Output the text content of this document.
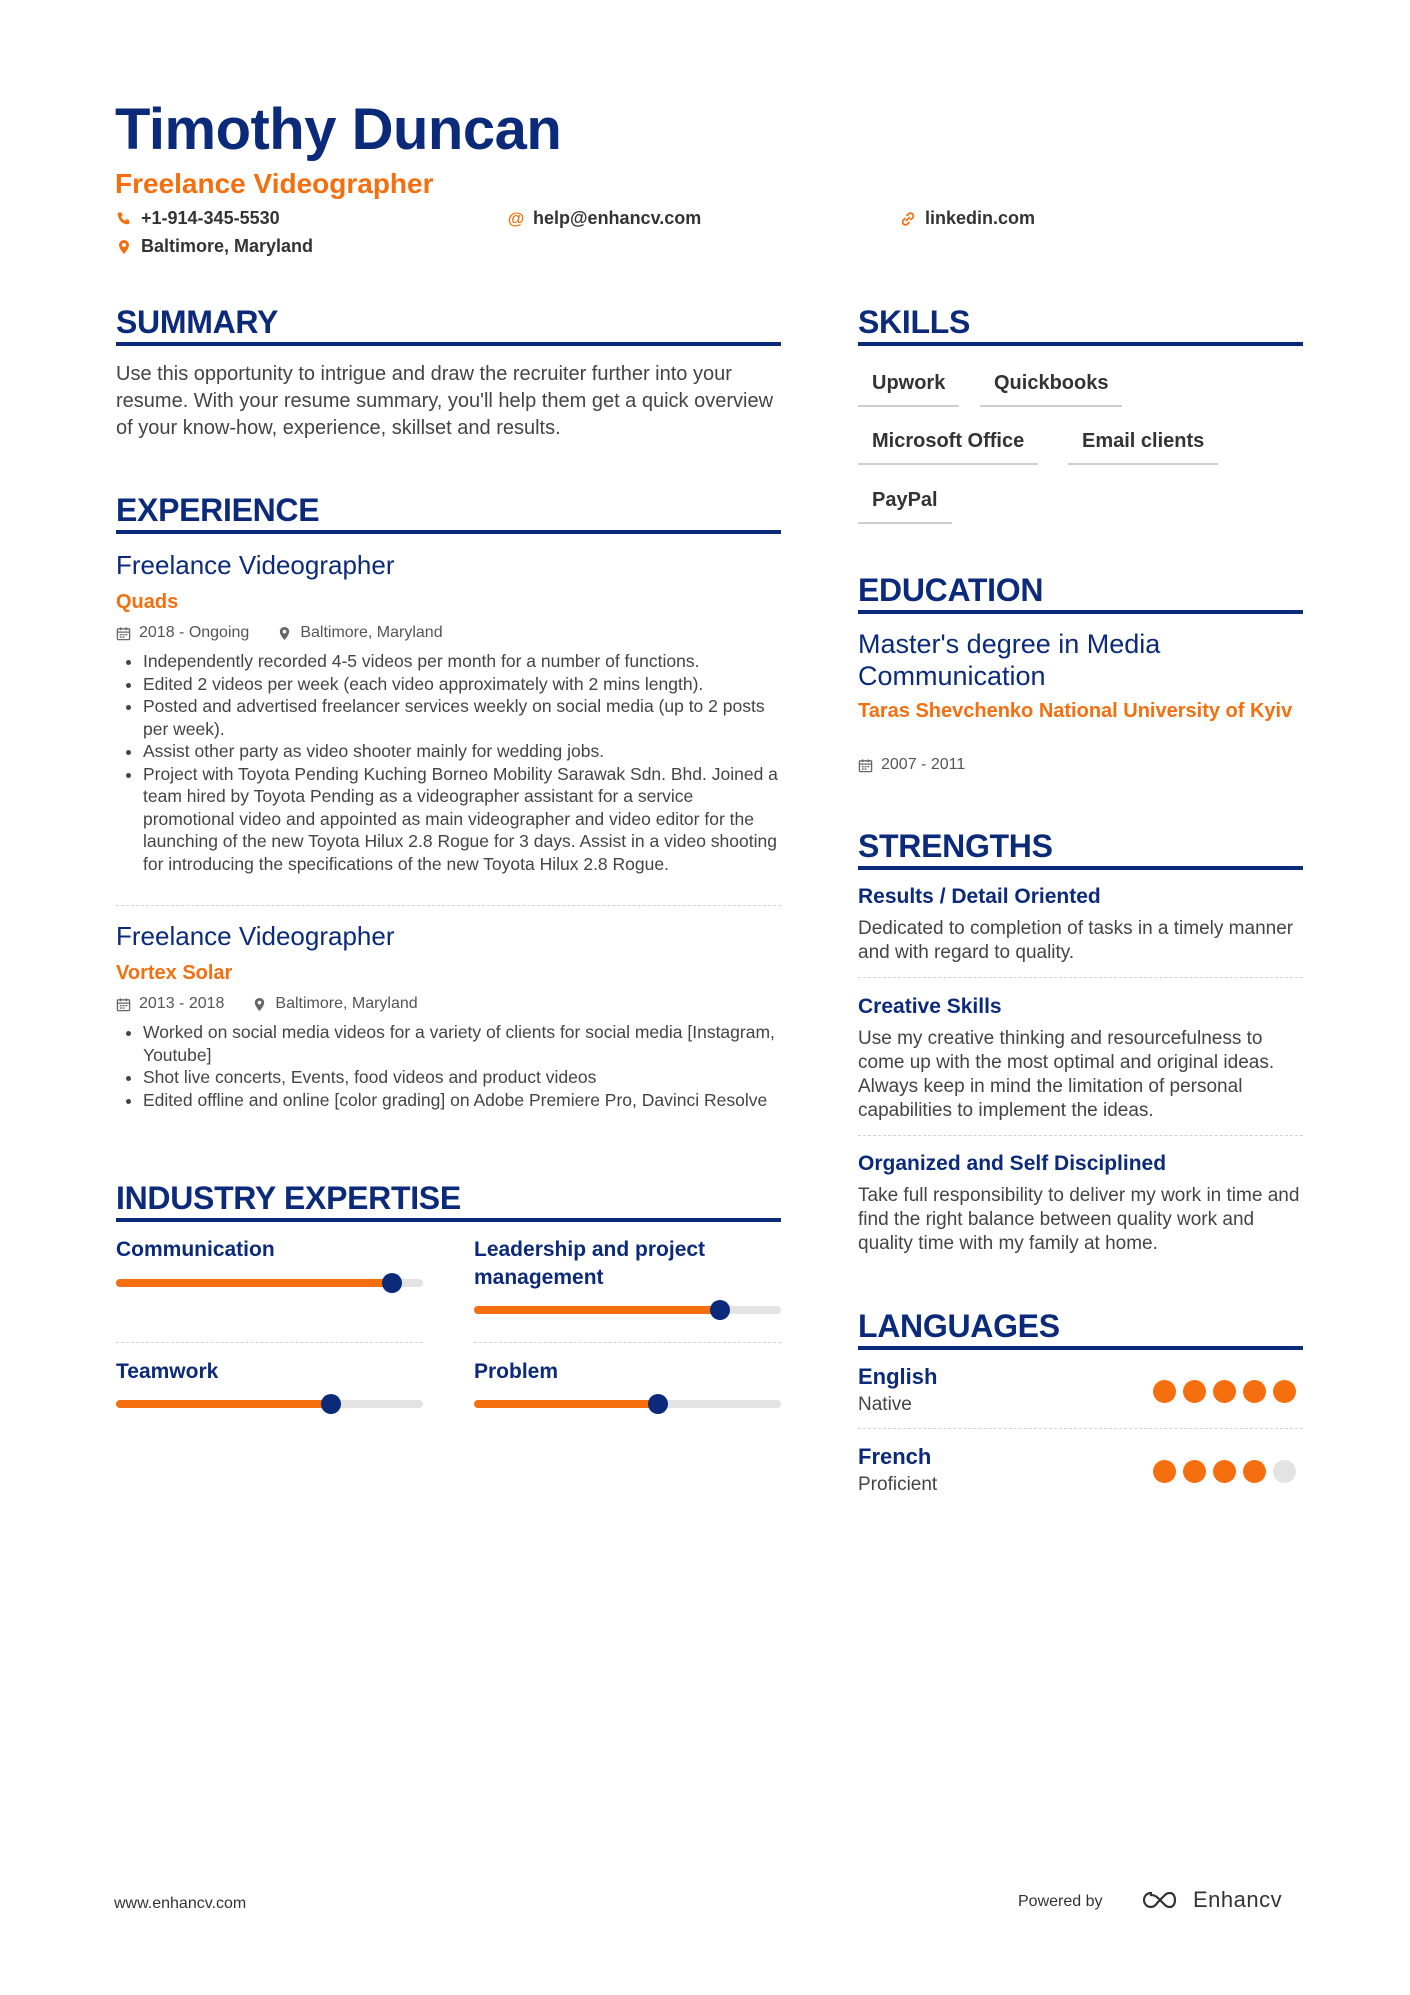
Timothy Duncan
Freelance Videographer
+1-914-345-5530	@ help@enhancv.com	linkedin.com
Baltimore, Maryland
SUMMARY
Use this opportunity to intrigue and draw the recruiter further into your resume. With your resume summary, you'll help them get a quick overview of your know-how, experience, skillset and results.
EXPERIENCE
Freelance Videographer
Quads
2018 - Ongoing	Baltimore, Maryland
• Independently recorded 4-5 videos per month for a number of functions.
• Edited 2 videos per week (each video approximately with 2 mins length).
• Posted and advertised freelancer services weekly on social media (up to 2 posts per week).
• Assist other party as video shooter mainly for wedding jobs.
• Project with Toyota Pending Kuching Borneo Mobility Sarawak Sdn. Bhd. Joined a team hired by Toyota Pending as a videographer assistant for a service promotional video and appointed as main videographer and video editor for the launching of the new Toyota Hilux 2.8 Rogue for 3 days. Assist in a video shooting for introducing the specifications of the new Toyota Hilux 2.8 Rogue.
Freelance Videographer
Vortex Solar
2013 - 2018	Baltimore, Maryland
• Worked on social media videos for a variety of clients for social media [Instagram, Youtube]
• Shot live concerts, Events, food videos and product videos
• Edited offline and online [color grading] on Adobe Premiere Pro, Davinci Resolve
INDUSTRY EXPERTISE
Communication	Leadership and project management
Teamwork	Problem
SKILLS
Upwork	Quickbooks
Microsoft Office	Email clients
PayPal
EDUCATION
Master's degree in Media Communication
Taras Shevchenko National University of Kyiv
2007 - 2011
STRENGTHS
Results / Detail Oriented
Dedicated to completion of tasks in a timely manner and with regard to quality.
Creative Skills
Use my creative thinking and resourcefulness to come up with the most optimal and original ideas. Always keep in mind the limitation of personal capabilities to implement the ideas.
Organized and Self Disciplined
Take full responsibility to deliver my work in time and find the right balance between quality work and quality time with my family at home.
LANGUAGES
English
Native
French
Proficient
www.enhancv.com	Powered by	Enhancv
